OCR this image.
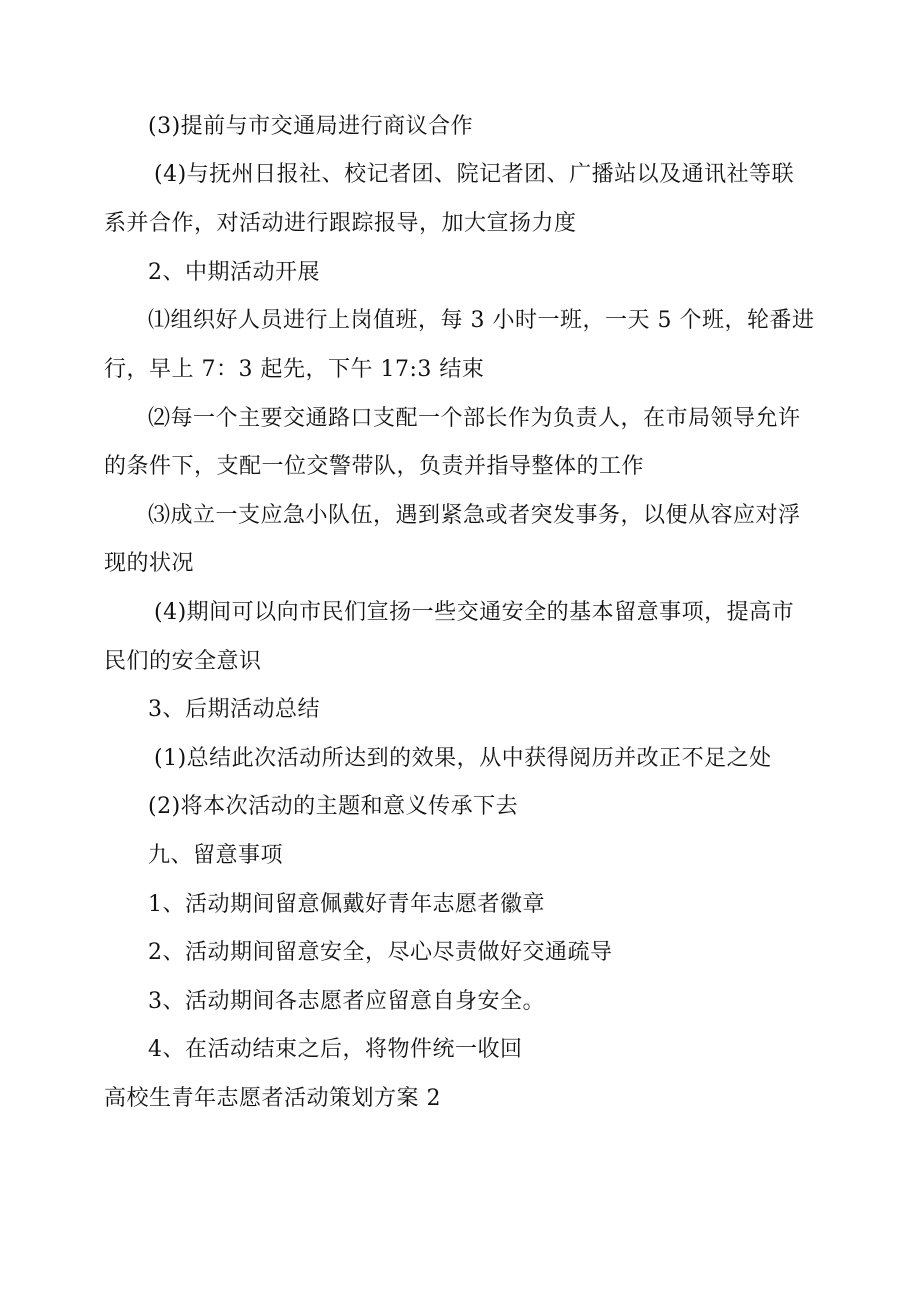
(3)提前与市交通局进行商议合作
(4)与抚州日报社、校记者团、院记者团、广播站以及通讯社等联
系并合作，对活动进行跟踪报导，加大宣扬力度
2、中期活动开展
⑴组织好人员进行上岗值班，每 3 小时一班，一天 5 个班，轮番进
行，早上 7：3 起先，下午 17:3 结束
⑵每一个主要交通路口支配一个部长作为负责人，在市局领导允许
的条件下，支配一位交警带队，负责并指导整体的工作
⑶成立一支应急小队伍，遇到紧急或者突发事务，以便从容应对浮
现的状况
(4)期间可以向市民们宣扬一些交通安全的基本留意事项，提高市
民们的安全意识
3、后期活动总结
(1)总结此次活动所达到的效果，从中获得阅历并改正不足之处
(2)将本次活动的主题和意义传承下去
九、留意事项
1、活动期间留意佩戴好青年志愿者徽章
2、活动期间留意安全，尽心尽责做好交通疏导
3、活动期间各志愿者应留意自身安全。
4、在活动结束之后，将物件统一收回
高校生青年志愿者活动策划方案 2
